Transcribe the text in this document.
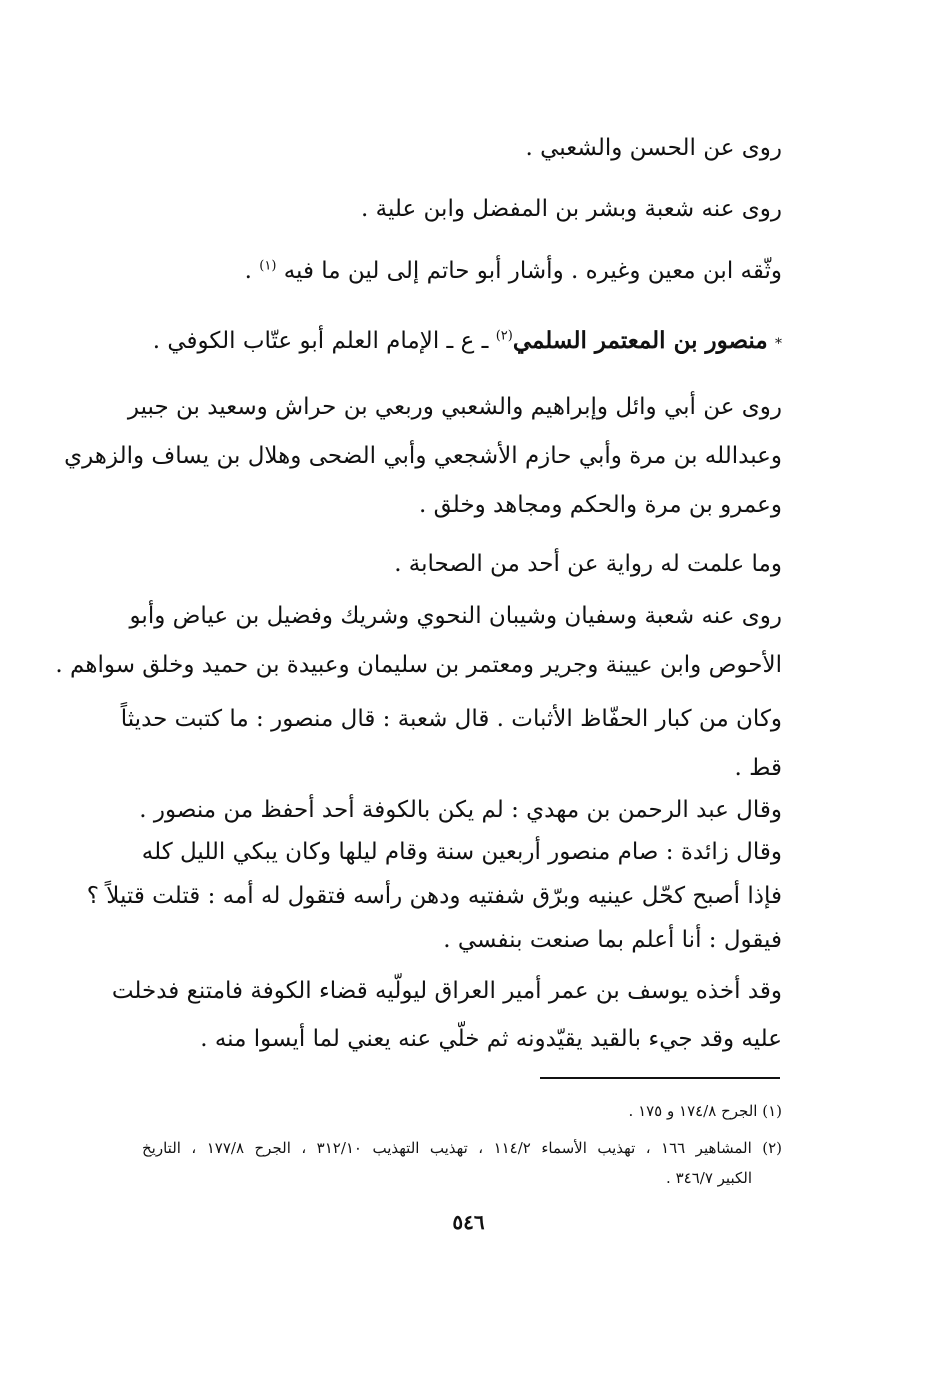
روى عن الحسن والشعبي .
روى عنه شعبة وبشر بن المفضل وابن علية .
وثّقه ابن معين وغيره . وأشار أبو حاتم إلى لين ما فيه $^{(١)}$ .
* منصور بن المعتمر السلمي$^{(٢)}$ ـ ع ـ الإمام العلم أبو عتّاب الكوفي .
روى عن أبي وائل وإبراهيم والشعبي وربعي بن حراش وسعيد بن جبير
وعبدالله بن مرة وأبي حازم الأشجعي وأبي الضحى وهلال بن يساف والزهري
وعمرو بن مرة والحكم ومجاهد وخلق .
وما علمت له رواية عن أحد من الصحابة .
روى عنه شعبة وسفيان وشيبان النحوي وشريك وفضيل بن عياض وأبو
الأحوص وابن عيينة وجرير ومعتمر بن سليمان وعبيدة بن حميد وخلق سواهم .
وكان من كبار الحفّاظ الأثبات . قال شعبة : قال منصور : ما كتبت حديثاً
قط .
وقال عبد الرحمن بن مهدي : لم يكن بالكوفة أحد أحفظ من منصور .
وقال زائدة : صام منصور أربعين سنة وقام ليلها وكان يبكي الليل كله
فإذا أصبح كحّل عينيه وبرّق شفتيه ودهن رأسه فتقول له أمه : قتلت قتيلاً ؟
فيقول : أنا أعلم بما صنعت بنفسي .
وقد أخذه يوسف بن عمر أمير العراق ليولّيه قضاء الكوفة فامتنع فدخلت
عليه وقد جيء بالقيد يقيّدونه ثم خلّي عنه يعني لما أيسوا منه .
(١) الجرح ١٧٤/٨ و ١٧٥ .
(٢) المشاهير ١٦٦ ، تهذيب الأسماء ١١٤/٢ ، تهذيب التهذيب ٣١٢/١٠ ، الجرح ١٧٧/٨ ، التاريخ
الكبير ٣٤٦/٧ .
٥٤٦
